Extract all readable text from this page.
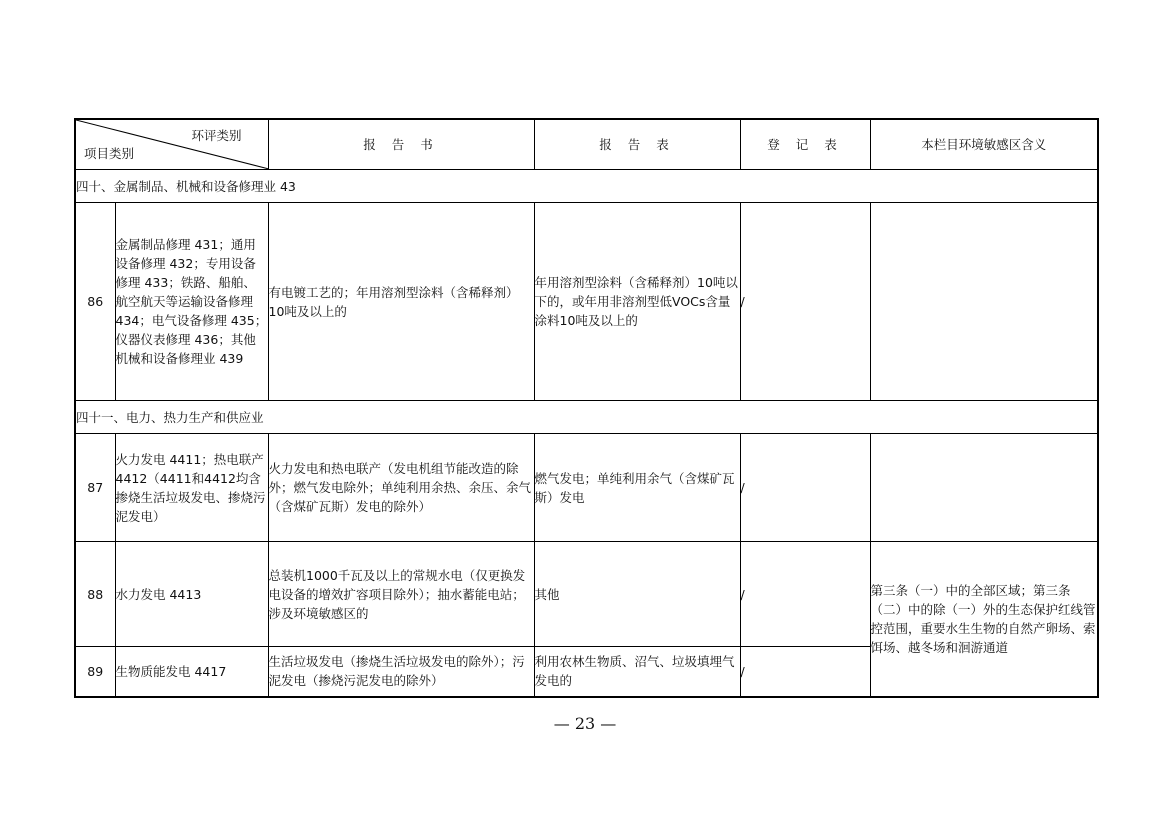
环评类别
项目类别		报 告 书	报 告 表	登 记 表	本栏目环境敏感区含义
四十、金属制品、机械和设备修理业 43					
86	金属制品修理 431；通用设备修理 432；专用设备修理 433；铁路、船舶、航空航天等运输设备修理 434；电气设备修理 435；仪器仪表修理 436；其他机械和设备修理业 439	有电镀工艺的；年用溶剂型涂料（含稀释剂）10吨及以上的	年用溶剂型涂料（含稀释剂）10吨以下的，或年用非溶剂型低VOCs含量涂料10吨及以上的	/	
四十一、电力、热力生产和供应业					
87	火力发电 4411；热电联产 4412（4411和4412均含掺烧生活垃圾发电、掺烧污泥发电）	火力发电和热电联产（发电机组节能改造的除外；燃气发电除外；单纯利用余热、余压、余气（含煤矿瓦斯）发电的除外）	燃气发电；单纯利用余气（含煤矿瓦斯）发电	/	
88	水力发电 4413	总装机1000千瓦及以上的常规水电（仅更换发电设备的增效扩容项目除外）；抽水蓄能电站；涉及环境敏感区的	其他	/	第三条（一）中的全部区域；第三条（二）中的除（一）外的生态保护红线管控范围，重要水生生物的自然产卵场、索饵场、越冬场和洄游通道

89	生物质能发电 4417	生活垃圾发电（掺烧生活垃圾发电的除外）；污泥发电（掺烧污泥发电的除外）	利用农林生物质、沼气、垃圾填埋气发电的	/	
— 23 —
